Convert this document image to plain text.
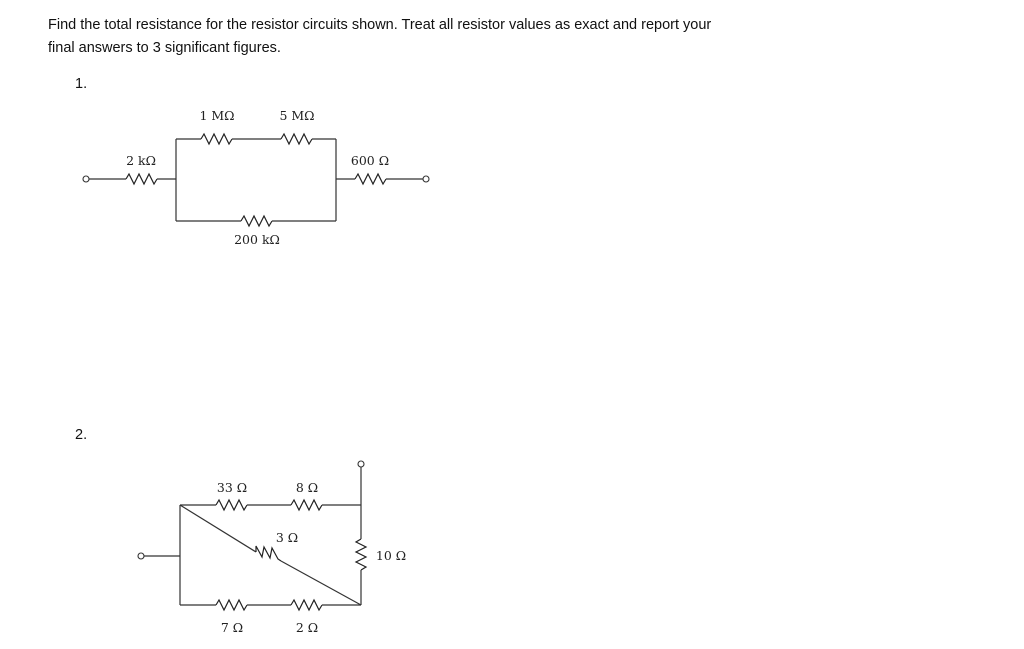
Find the total resistance for the resistor circuits shown. Treat all resistor values as exact and report your
final answers to 3 significant figures.
1.
2.
1 MΩ	5 MΩ
2 kΩ	600 Ω
200 kΩ
33 Ω	8 Ω
3 Ω
10 Ω
7 Ω	2 Ω
